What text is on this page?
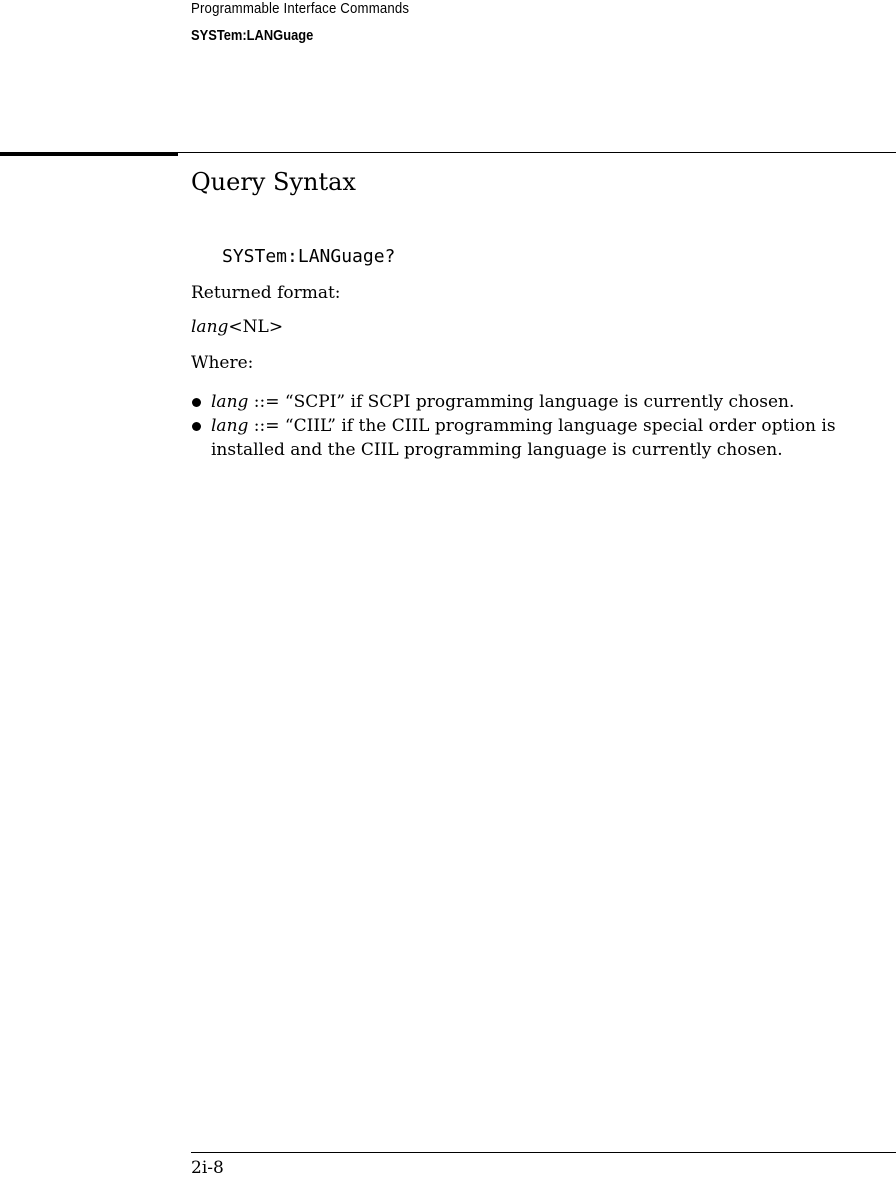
Programmable Interface Commands
SYSTem:LANGuage
Query Syntax
SYSTem:LANGuage?

Returned format:

lang<NL>

Where:

lang ::= “SCPI” if SCPI programming language is currently chosen.
lang ::= “CIIL” if the CIIL programming language special order option is installed and the CIIL programming language is currently chosen.
2i-8
